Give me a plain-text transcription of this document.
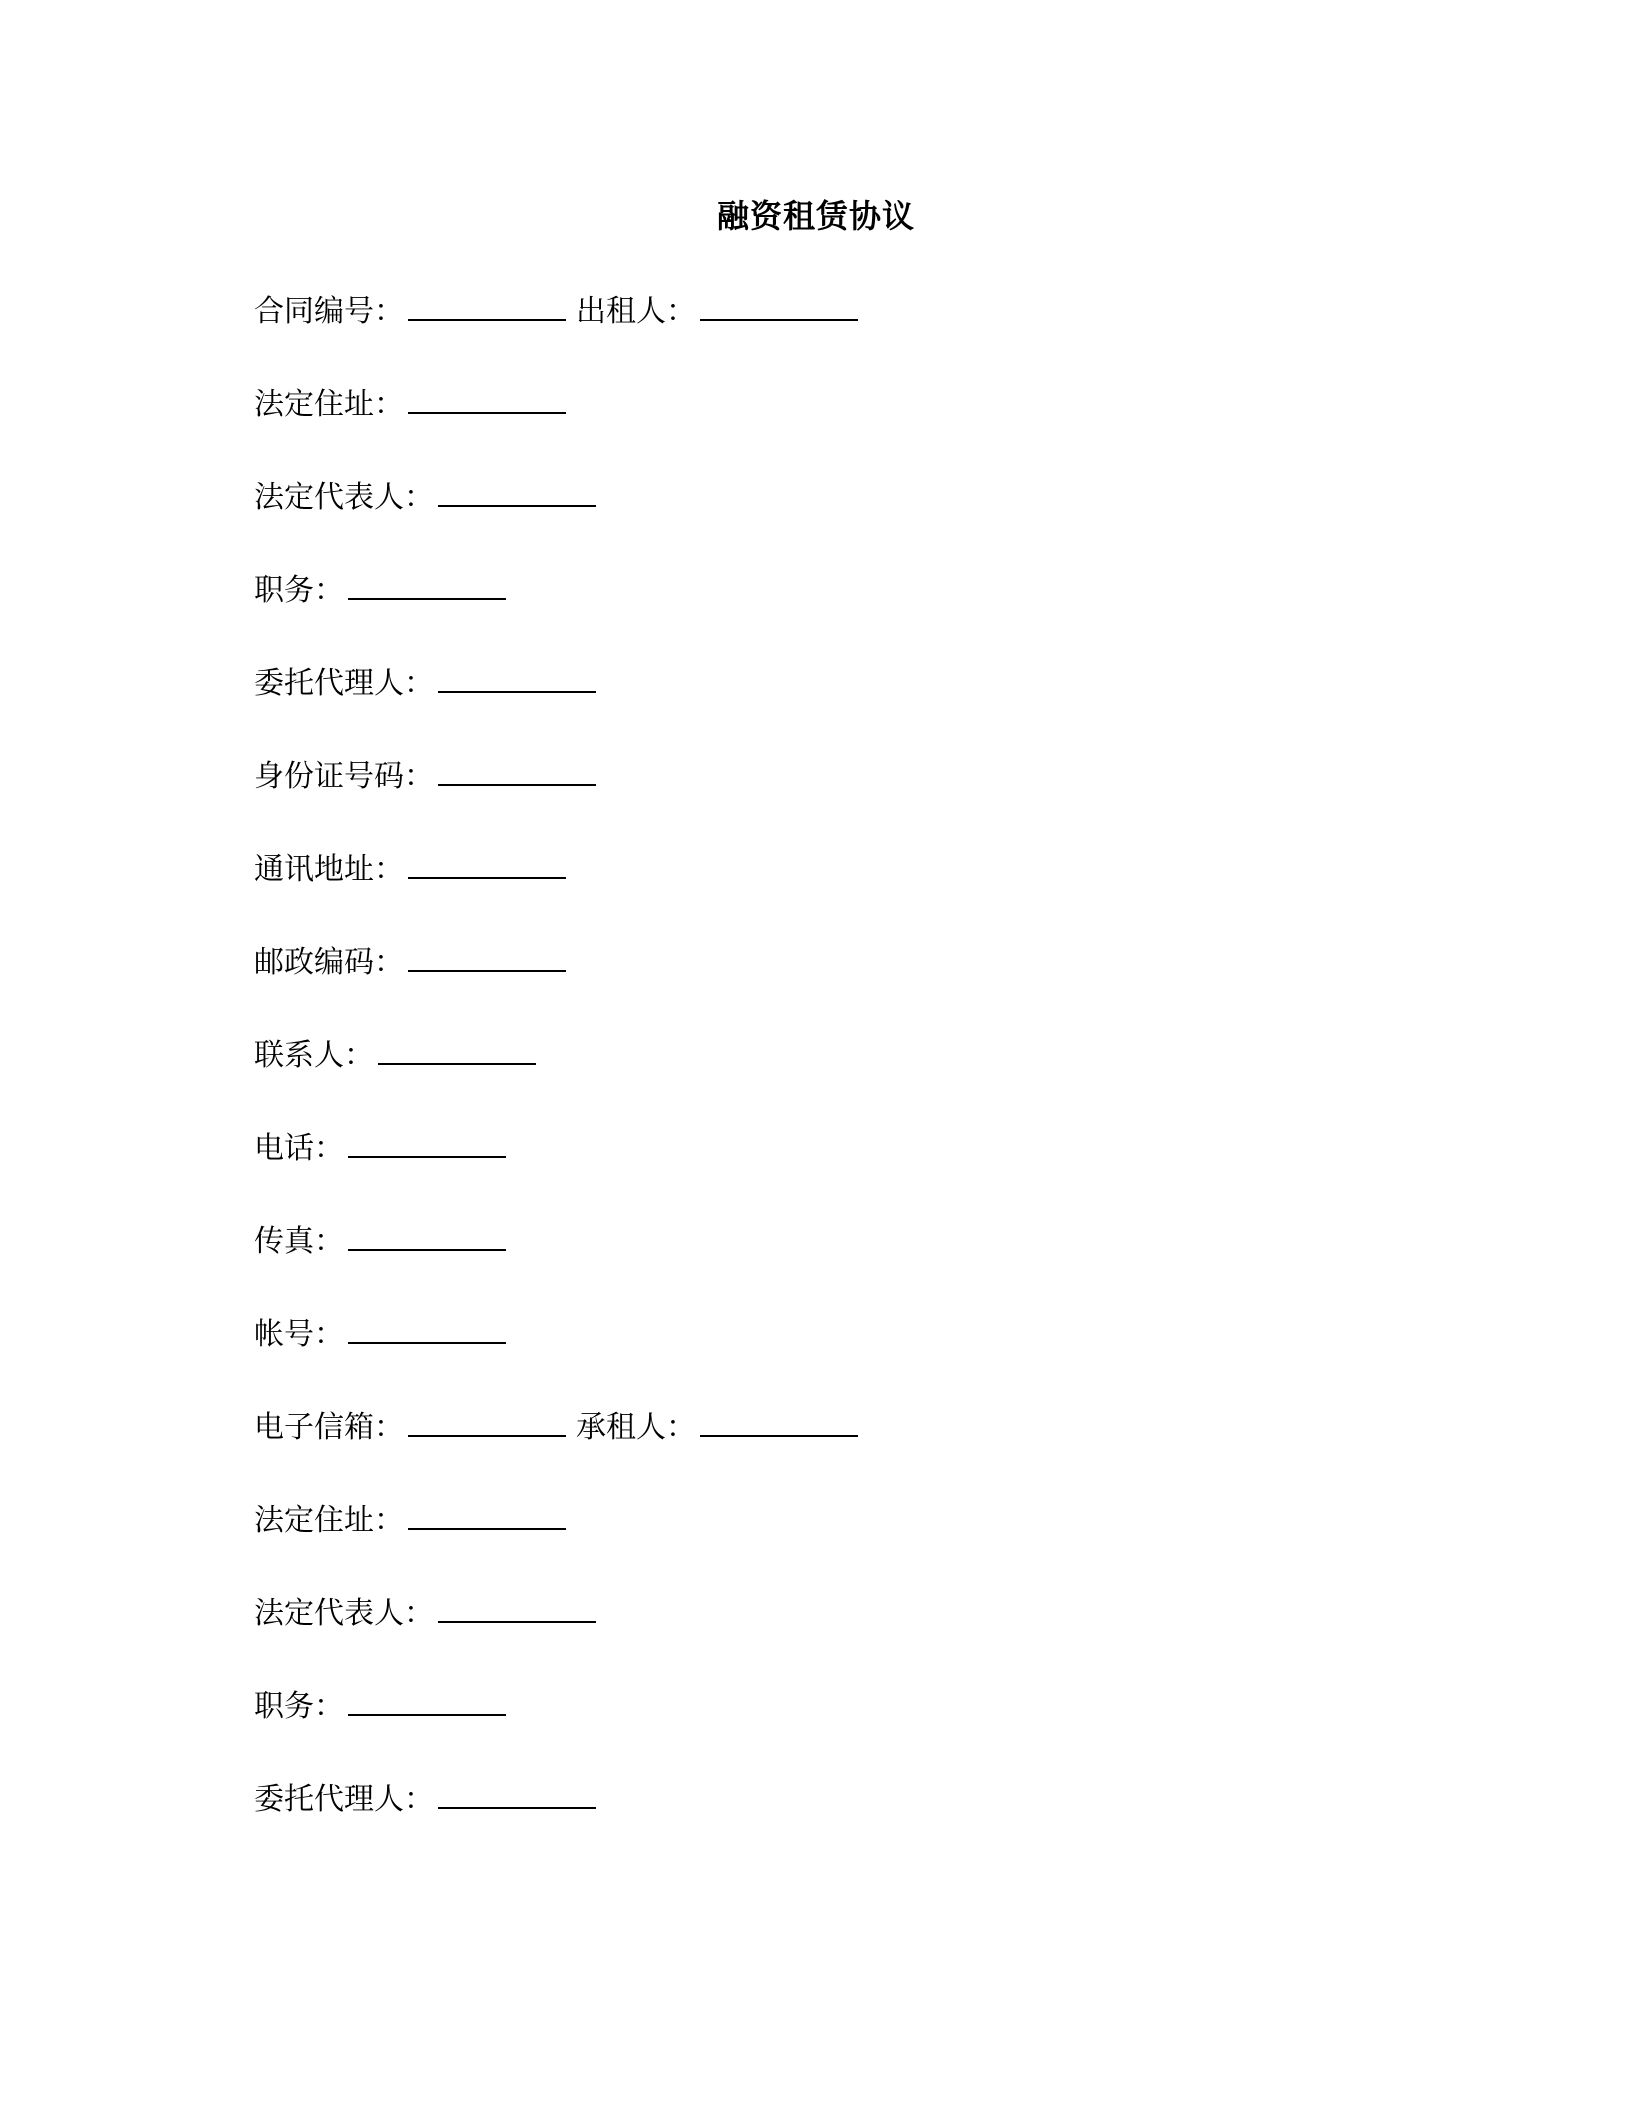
融资租赁协议
合同编号：	出租人：
法定住址：
法定代表人：
职务：
委托代理人：
身份证号码：
通讯地址：
邮政编码：
联系人：
电话：
传真：
帐号：
电子信箱：	承租人：
法定住址：
法定代表人：
职务：
委托代理人：
